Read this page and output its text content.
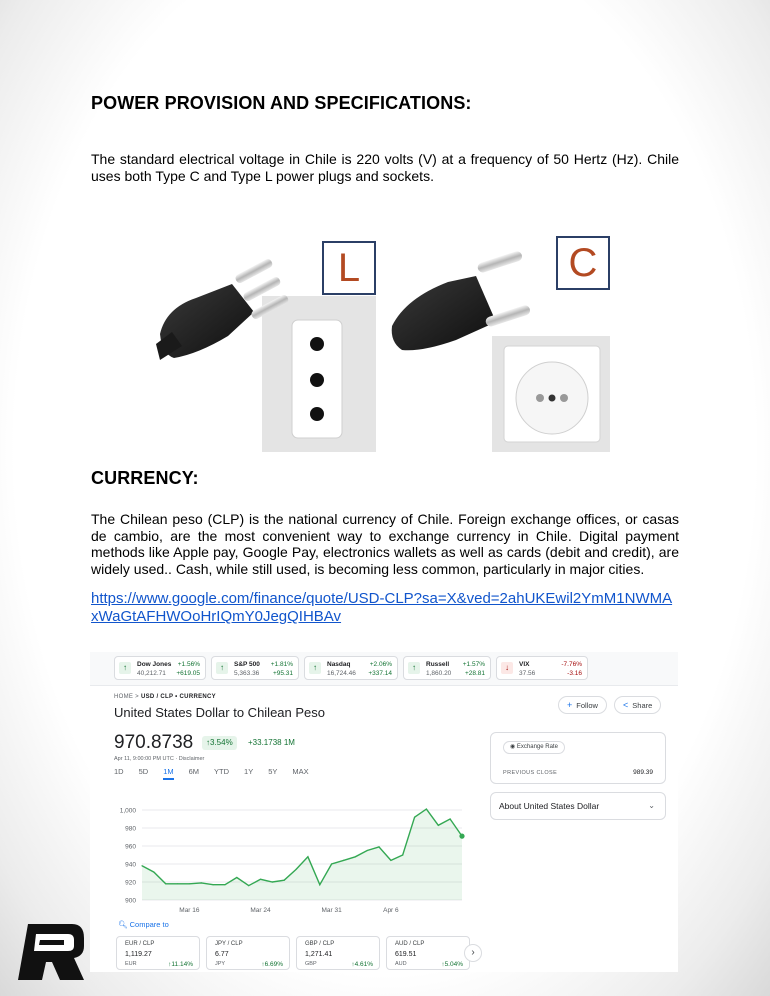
POWER PROVISION AND SPECIFICATIONS:

The standard electrical voltage in Chile is 220 volts (V) at a frequency of 50 Hertz (Hz). Chile uses both Type C and Type L power plugs and sockets.

L	C
CURRENCY:

The Chilean peso (CLP) is the national currency of Chile. Foreign exchange offices, or casas de cambio, are the most convenient way to exchange currency in Chile. Digital payment methods like Apple pay, Google Pay, electronics wallets as well as cards (debit and credit), are widely used.. Cash, while still used, is becoming less common, particularly in major cities.

https://www.google.com/finance/quote/USD-CLP?sa=X&ved=2ahUKEwil2YmM1NWMA
xWaGtAFHWOoHrIQmY0JegQIHBAv
↑	Dow Jones
40,212.71
+1.56%
+619.05
↑	S&P 500
5,363.36
+1.81%
+95.31
↑	Nasdaq
16,724.46
+2.06%
+337.14
↑	Russell
1,860.20
+1.57%
+28.81
↓	VIX
37.56
-7.76%
-3.16
HOME > USD / CLP • CURRENCY
United States Dollar to Chilean Peso	+ Follow	< Share
970.8738	↑3.54%	+33.1738 1M
Apr 11, 9:00:00 PM UTC · Disclaimer
1D 5D 1M 6M YTD 1Y 5Y MAX
900
920
940
960
980
1,000
Mar 16	Mar 24	Mar 31	Apr 6
◉ Exchange Rate
PREVIOUS CLOSE	989.39
About United States Dollar	⌄
🔍︎ Compare to
EUR / CLP
1,119.27
EUR	↑11.14%
JPY / CLP
6.77
JPY	↑6.69%
GBP / CLP
1,271.41
GBP	↑4.61%
AUD / CLP
619.51
AUD	↑5.04%
›
